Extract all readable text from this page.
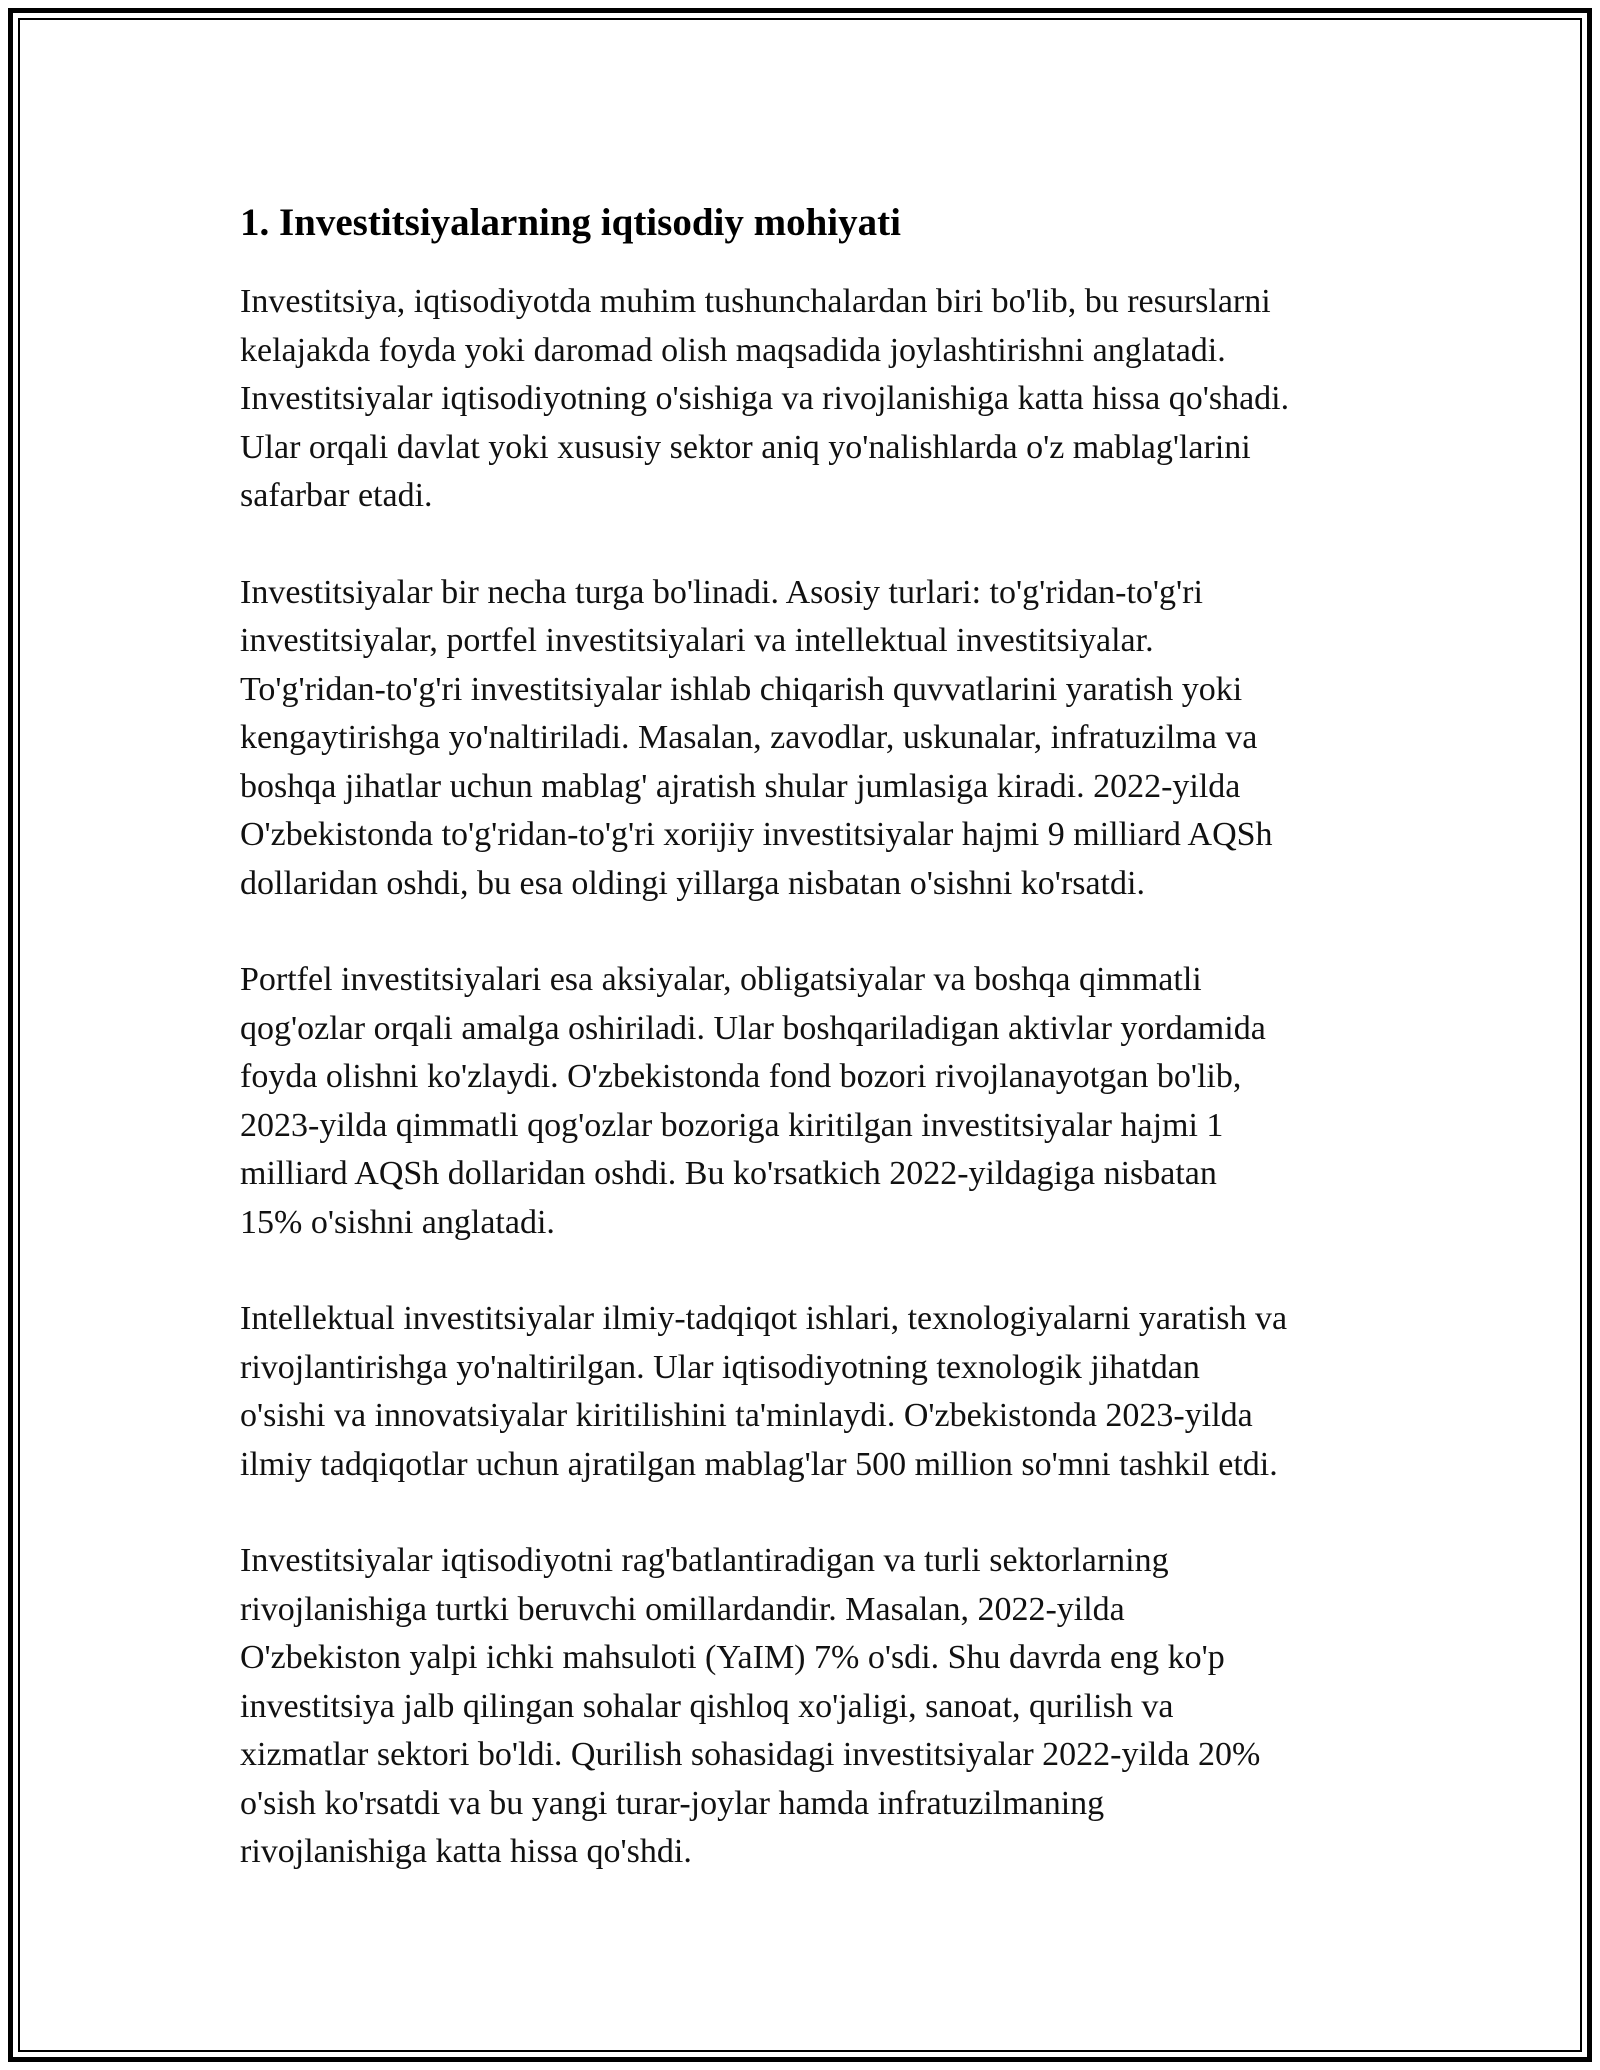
1. Investitsiyalarning iqtisodiy mohiyati

Investitsiya, iqtisodiyotda muhim tushunchalardan biri bo'lib, bu resurslarni
kelajakda foyda yoki daromad olish maqsadida joylashtirishni anglatadi.
Investitsiyalar iqtisodiyotning o'sishiga va rivojlanishiga katta hissa qo'shadi.
Ular orqali davlat yoki xususiy sektor aniq yo'nalishlarda o'z mablag'larini
safarbar etadi.

Investitsiyalar bir necha turga bo'linadi. Asosiy turlari: to'g'ridan-to'g'ri
investitsiyalar, portfel investitsiyalari va intellektual investitsiyalar.
To'g'ridan-to'g'ri investitsiyalar ishlab chiqarish quvvatlarini yaratish yoki
kengaytirishga yo'naltiriladi. Masalan, zavodlar, uskunalar, infratuzilma va
boshqa jihatlar uchun mablag' ajratish shular jumlasiga kiradi. 2022-yilda
O'zbekistonda to'g'ridan-to'g'ri xorijiy investitsiyalar hajmi 9 milliard AQSh
dollaridan oshdi, bu esa oldingi yillarga nisbatan o'sishni ko'rsatdi.

Portfel investitsiyalari esa aksiyalar, obligatsiyalar va boshqa qimmatli
qog'ozlar orqali amalga oshiriladi. Ular boshqariladigan aktivlar yordamida
foyda olishni ko'zlaydi. O'zbekistonda fond bozori rivojlanayotgan bo'lib,
2023-yilda qimmatli qog'ozlar bozoriga kiritilgan investitsiyalar hajmi 1
milliard AQSh dollaridan oshdi. Bu ko'rsatkich 2022-yildagiga nisbatan
15% o'sishni anglatadi.

Intellektual investitsiyalar ilmiy-tadqiqot ishlari, texnologiyalarni yaratish va
rivojlantirishga yo'naltirilgan. Ular iqtisodiyotning texnologik jihatdan
o'sishi va innovatsiyalar kiritilishini ta'minlaydi. O'zbekistonda 2023-yilda
ilmiy tadqiqotlar uchun ajratilgan mablag'lar 500 million so'mni tashkil etdi.

Investitsiyalar iqtisodiyotni rag'batlantiradigan va turli sektorlarning
rivojlanishiga turtki beruvchi omillardandir. Masalan, 2022-yilda
O'zbekiston yalpi ichki mahsuloti (YaIM) 7% o'sdi. Shu davrda eng ko'p
investitsiya jalb qilingan sohalar qishloq xo'jaligi, sanoat, qurilish va
xizmatlar sektori bo'ldi. Qurilish sohasidagi investitsiyalar 2022-yilda 20%
o'sish ko'rsatdi va bu yangi turar-joylar hamda infratuzilmaning
rivojlanishiga katta hissa qo'shdi.
